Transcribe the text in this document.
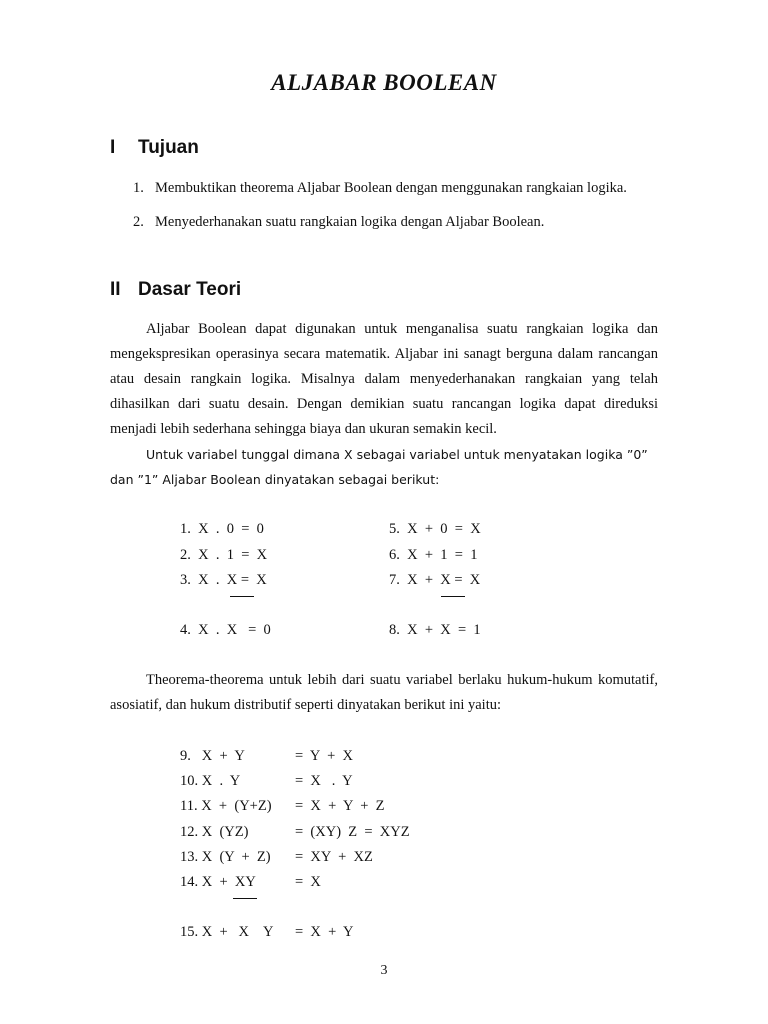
ALJABAR BOOLEAN
I Tujuan
1. Membuktikan theorema Aljabar Boolean dengan menggunakan rangkaian logika.
2. Menyederhanakan suatu rangkaian logika dengan Aljabar Boolean.
II Dasar Teori

Aljabar Boolean dapat digunakan untuk menganalisa suatu rangkaian logika dan mengekspresikan operasinya secara matematik. Aljabar ini sanagt berguna dalam rancangan atau desain rangkain logika. Misalnya dalam menyederhanakan rangkaian yang telah dihasilkan dari suatu desain. Dengan demikian suatu rancangan logika dapat direduksi menjadi lebih sederhana sehingga biaya dan ukuran semakin kecil.

Untuk variabel tunggal dimana X sebagai variabel untuk menyatakan logika ”0”
dan ”1” Aljabar Boolean dinyatakan sebagai berikut:
1.  X  .  0  =  0
2.  X  .  1  =  X
3.  X  .  X =  X
4.  X  .  X   =  0
5.  X  +  0  =  X
6.  X  +  1  =  1
7.  X  +  X =  X
8.  X  +  X  =  1

Theorema-theorema untuk lebih dari suatu variabel berlaku hukum-hukum komutatif, asosiatif, dan hukum distributif seperti dinyatakan berikut ini yaitu:

9.   X  +  Y	=  Y  +  X
10. X  .  Y	=  X   .  Y
11. X  +  (Y+Z) =  X  +  Y  +  Z
12. X  (YZ)	=  (XY)  Z  =  XYZ
13. X  (Y  +  Z) =  XY  +  XZ
14. X  +  XY	=  X
15. X  +   X    Y =  X  +  Y
3
